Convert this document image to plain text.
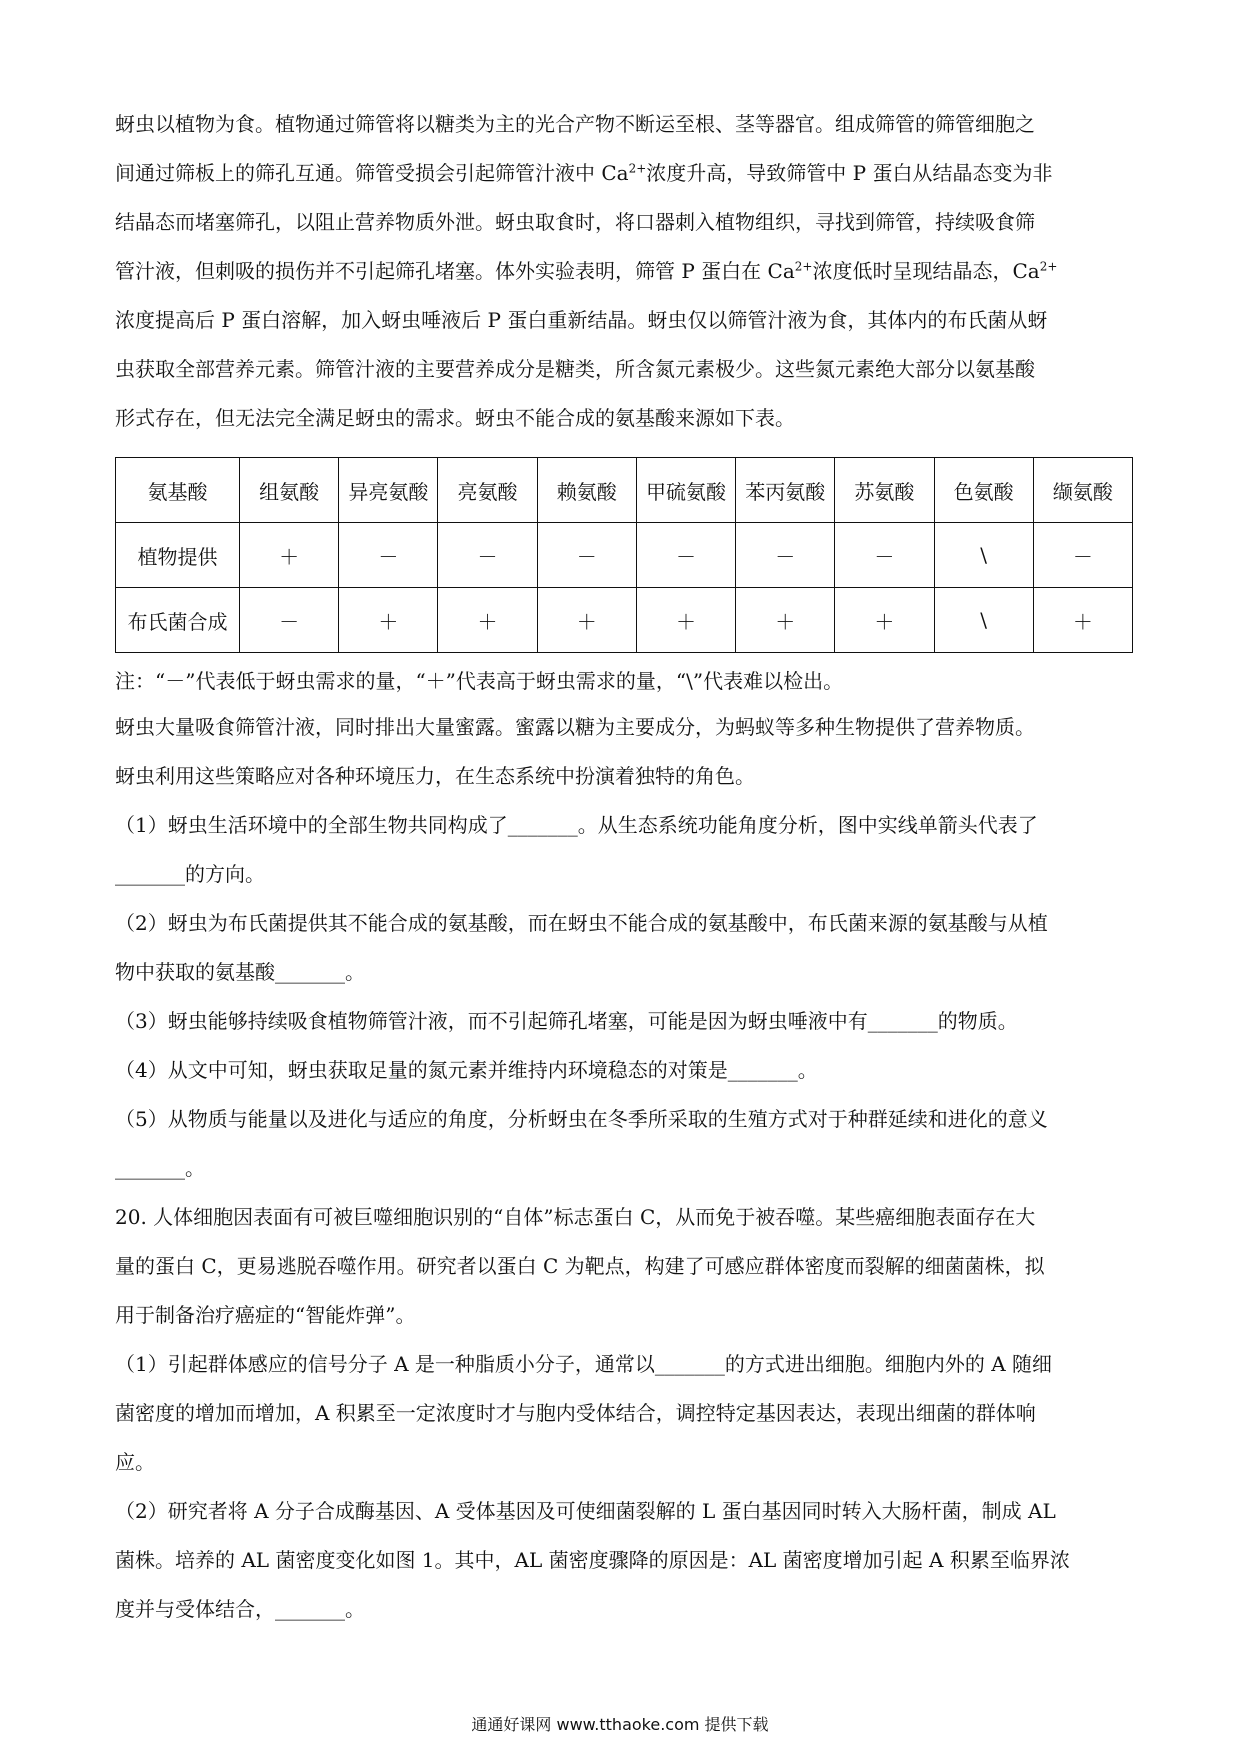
蚜虫以植物为食。植物通过筛管将以糖类为主的光合产物不断运至根、茎等器官。组成筛管的筛管细胞之

间通过筛板上的筛孔互通。筛管受损会引起筛管汁液中 $Ca^{2+}$浓度升高，导致筛管中 P 蛋白从结晶态变为非

结晶态而堵塞筛孔，以阻止营养物质外泄。蚜虫取食时，将口器刺入植物组织，寻找到筛管，持续吸食筛

管汁液，但刺吸的损伤并不引起筛孔堵塞。体外实验表明，筛管 P 蛋白在 $Ca^{2+}$浓度低时呈现结晶态，$Ca^{2+}$

浓度提高后 P 蛋白溶解，加入蚜虫唾液后 P 蛋白重新结晶。蚜虫仅以筛管汁液为食，其体内的布氏菌从蚜

虫获取全部营养元素。筛管汁液的主要营养成分是糖类，所含氮元素极少。这些氮元素绝大部分以氨基酸

形式存在，但无法完全满足蚜虫的需求。蚜虫不能合成的氨基酸来源如下表。

氨基酸	组氨酸	异亮氨酸	亮氨酸	赖氨酸	甲硫氨酸	苯丙氨酸	苏氨酸	色氨酸	缬氨酸
植物提供	＋	－	－	－	－	－	－	\	－
布氏菌合成	－	＋	＋	＋	＋	＋	＋	\	＋

注：“－”代表低于蚜虫需求的量，“＋”代表高于蚜虫需求的量，“\”代表难以检出。

蚜虫大量吸食筛管汁液，同时排出大量蜜露。蜜露以糖为主要成分，为蚂蚁等多种生物提供了营养物质。

蚜虫利用这些策略应对各种环境压力，在生态系统中扮演着独特的角色。

（1）蚜虫生活环境中的全部生物共同构成了_______。从生态系统功能角度分析，图中实线单箭头代表了

_______的方向。

（2）蚜虫为布氏菌提供其不能合成的氨基酸，而在蚜虫不能合成的氨基酸中，布氏菌来源的氨基酸与从植

物中获取的氨基酸_______。

（3）蚜虫能够持续吸食植物筛管汁液，而不引起筛孔堵塞，可能是因为蚜虫唾液中有_______的物质。

（4）从文中可知，蚜虫获取足量的氮元素并维持内环境稳态的对策是_______。

（5）从物质与能量以及进化与适应的角度，分析蚜虫在冬季所采取的生殖方式对于种群延续和进化的意义

_______。

20. 人体细胞因表面有可被巨噬细胞识别的“自体”标志蛋白 C，从而免于被吞噬。某些癌细胞表面存在大

量的蛋白 C，更易逃脱吞噬作用。研究者以蛋白 C 为靶点，构建了可感应群体密度而裂解的细菌菌株，拟

用于制备治疗癌症的“智能炸弹”。

（1）引起群体感应的信号分子 A 是一种脂质小分子，通常以_______的方式进出细胞。细胞内外的 A 随细

菌密度的增加而增加，A 积累至一定浓度时才与胞内受体结合，调控特定基因表达，表现出细菌的群体响

应。

（2）研究者将 A 分子合成酶基因、A 受体基因及可使细菌裂解的 L 蛋白基因同时转入大肠杆菌，制成 AL

菌株。培养的 AL 菌密度变化如图 1。其中，AL 菌密度骤降的原因是：AL 菌密度增加引起 A 积累至临界浓

度并与受体结合，_______。

通通好课网 www.tthaoke.com 提供下载
